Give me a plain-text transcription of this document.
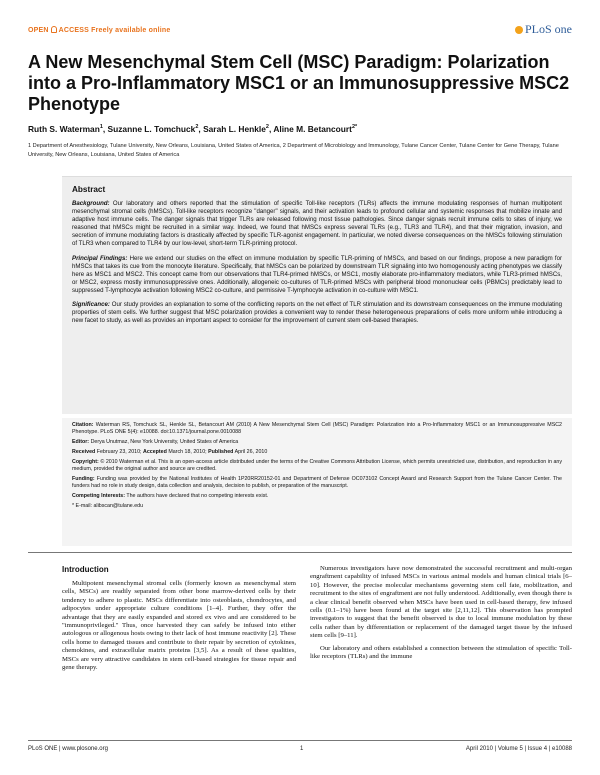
OPEN ACCESS Freely available online	PLoS one
A New Mesenchymal Stem Cell (MSC) Paradigm: Polarization into a Pro-Inflammatory MSC1 or an Immunosuppressive MSC2 Phenotype
Ruth S. Waterman$^1$, Suzanne L. Tomchuck$^2$, Sarah L. Henkle$^2$, Aline M. Betancourt$^{2*}$
1 Department of Anesthesiology, Tulane University, New Orleans, Louisiana, United States of America, 2 Department of Microbiology and Immunology, Tulane Cancer Center, Tulane Center for Gene Therapy, Tulane University, New Orleans, Louisiana, United States of America
Abstract

Background: Our laboratory and others reported that the stimulation of specific Toll-like receptors (TLRs) affects the immune modulating responses of human multipotent mesenchymal stromal cells (hMSCs). Toll-like receptors recognize "danger" signals, and their activation leads to profound cellular and systemic responses that mobilize innate and adaptive host immune cells. The danger signals that trigger TLRs are released following most tissue pathologies. Since danger signals recruit immune cells to sites of injury, we reasoned that hMSCs might be recruited in a similar way. Indeed, we found that hMSCs express several TLRs (e.g., TLR3 and TLR4), and that their migration, invasion, and secretion of immune modulating factors is drastically affected by specific TLR-agonist engagement. In particular, we noted diverse consequences on the hMSCs following stimulation of TLR3 when compared to TLR4 by our low-level, short-term TLR-priming protocol.

Principal Findings: Here we extend our studies on the effect on immune modulation by specific TLR-priming of hMSCs, and based on our findings, propose a new paradigm for hMSCs that takes its cue from the monocyte literature. Specifically, that hMSCs can be polarized by downstream TLR signaling into two homogenously acting phenotypes we classify here as MSC1 and MSC2. This concept came from our observations that TLR4-primed hMSCs, or MSC1, mostly elaborate pro-inflammatory mediators, while TLR3-primed hMSCs, or MSC2, express mostly immunosuppressive ones. Additionally, allogeneic co-cultures of TLR-primed MSCs with peripheral blood mononuclear cells (PBMCs) predictably lead to suppressed T-lymphocyte activation following MSC2 co-culture, and permissive T-lymphocyte activation in co-culture with MSC1.

Significance: Our study provides an explanation to some of the conflicting reports on the net effect of TLR stimulation and its downstream consequences on the immune modulating properties of stem cells. We further suggest that MSC polarization provides a convenient way to render these heterogeneous preparations of cells more uniform while introducing a new facet to study, as well as provides an important aspect to consider for the improvement of current stem cell-based therapies.

Citation: Waterman RS, Tomchuck SL, Henkle SL, Betancourt AM (2010) A New Mesenchymal Stem Cell (MSC) Paradigm: Polarization into a Pro-Inflammatory MSC1 or an Immunosuppressive MSC2 Phenotype. PLoS ONE 5(4): e10088. doi:10.1371/journal.pone.0010088

Editor: Derya Unutmaz, New York University, United States of America

Received February 23, 2010; Accepted March 18, 2010; Published April 26, 2010

Copyright: © 2010 Waterman et al. This is an open-access article distributed under the terms of the Creative Commons Attribution License, which permits unrestricted use, distribution, and reproduction in any medium, provided the original author and source are credited.

Funding: Funding was provided by the National Institutes of Health 1P20RR20152-01 and Department of Defense OC073102 Concept Award and Research Support from the Tulane Cancer Center. The funders had no role in study design, data collection and analysis, decision to publish, or preparation of the manuscript.

Competing Interests: The authors have declared that no competing interests exist.

* E-mail: alibscan@tulane.edu

Introduction

Multipotent mesenchymal stromal cells (formerly known as mesenchymal stem cells, MSCs) are readily separated from other bone marrow-derived cells by their tendency to adhere to plastic. MSCs differentiate into osteoblasts, chondrocytes, and adipocytes under appropriate culture conditions [1–4]. Further, they offer the advantage that they are easily expanded and stored ex vivo and are considered to be "immunoprivileged." Thus, once harvested they can safely be infused into either autologous or allogenous hosts owing to their lack of host immune reactivity [2]. These cells home to damaged tissues and contribute to their repair by secretion of cytokines, chemokines, and extracellular matrix proteins [3,5]. As a result of these qualities, MSCs are very attractive candidates in stem cell-based strategies for tissue repair and gene therapy.

Numerous investigators have now demonstrated the successful recruitment and multi-organ engraftment capability of infused MSCs in various animal models and human clinical trials [6–10]. However, the precise molecular mechanisms governing stem cell fate, mobilization, and recruitment to the sites of engraftment are not fully understood. Additionally, even though there is a clear clinical benefit observed when MSCs have been used in cell-based therapy, few infused cells (0.1–1%) have been found at the target site [2,11,12]. This observation has prompted investigators to suggest that the benefit observed is due to local immune modulation by these cells rather than by differentiation or replacement of the damaged target tissue by the infused stem cells [9–11].

Our laboratory and others established a connection between the stimulation of specific Toll-like receptors (TLRs) and the immune

PLoS ONE | www.plosone.org	1	April 2010 | Volume 5 | Issue 4 | e10088
